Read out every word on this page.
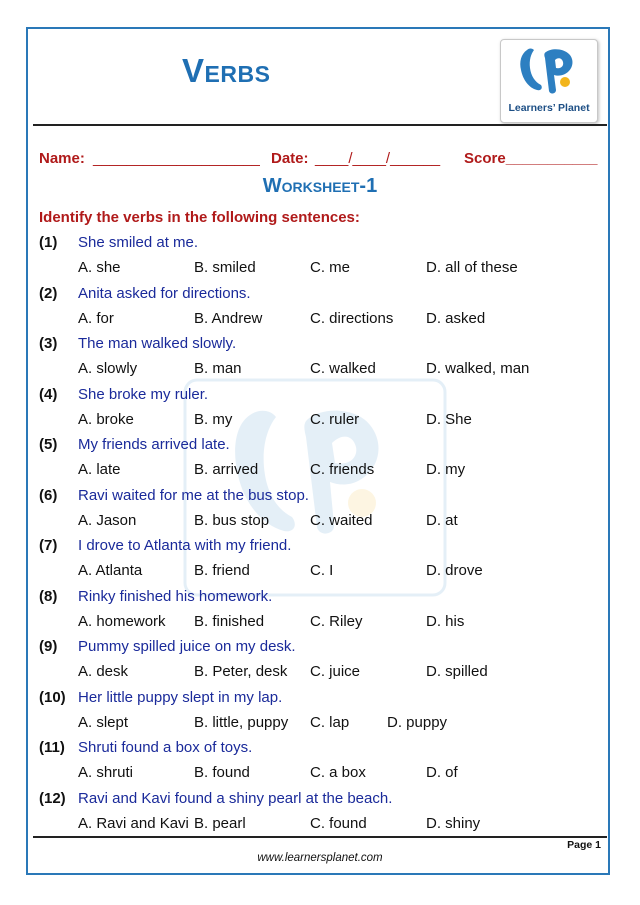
Verbs
Learners’ Planet
Name: ____________________ Date: ____/____/______ Score___________
Worksheet-1
Identify the verbs in the following sentences:
(1) She smiled at me.
A. she	B. smiled	C. me	D. all of these
(2) Anita asked for directions.
A. for	B. Andrew	C. directions D. asked
(3) The man walked slowly.
A. slowly	B. man	C. walked	D. walked, man
(4) She broke my ruler.
A. broke	B. my	C. ruler	D. She
(5) My friends arrived late.
A. late	B. arrived	C. friends	D. my
(6) Ravi waited for me at the bus stop.
A. Jason	B. bus stop	C. waited	D. at
(7) I drove to Atlanta with my friend.
A. Atlanta	B. friend	C. I	D. drove
(8) Rinky finished his homework.
A. homework B. finished	C. Riley	D. his
(9) Pummy spilled juice on my desk.
A. desk	B. Peter, desk C. juice	D. spilled
(10) Her little puppy slept in my lap.
A. slept	B. little, puppy C. lap	D. puppy
(11) Shruti found a box of toys.
A. shruti	B. found	C. a box	D. of
(12) Ravi and Kavi found a shiny pearl at the beach.
A. Ravi and Kavi B. pearl	C. found	D. shiny
Page 1
www.learnersplanet.com
